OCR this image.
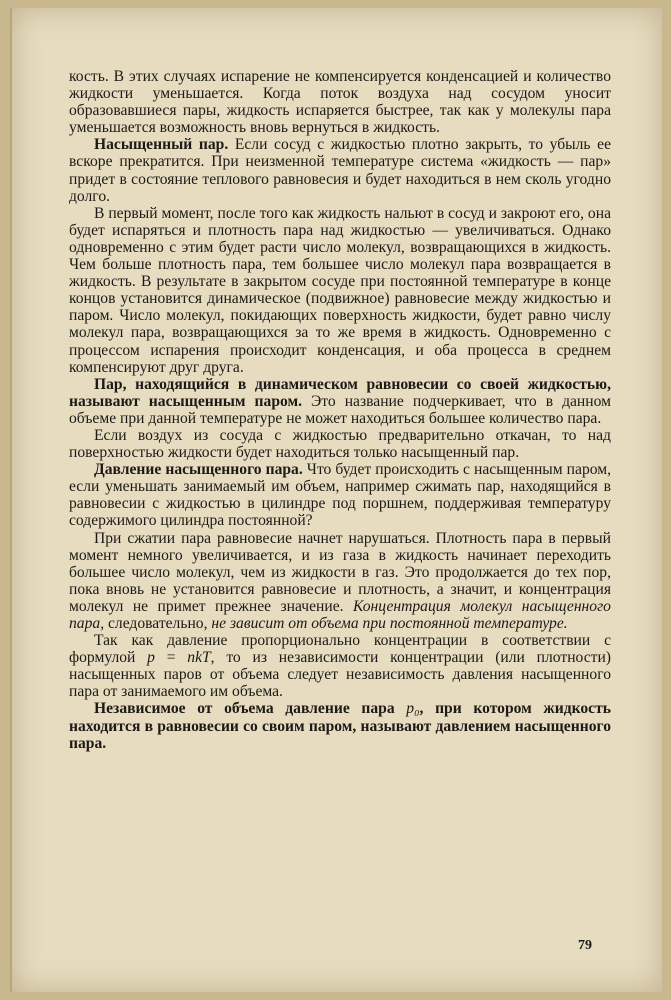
кость. В этих случаях испарение не компенсируется конденсацией и количество жидкости уменьшается. Когда поток воздуха над сосудом уносит образовавшиеся пары, жидкость испаряется быстрее, так как у молекулы пара уменьшается возможность вновь вернуться в жидкость.

Насыщенный пар. Если сосуд с жидкостью плотно закрыть, то убыль ее вскоре прекратится. При неизменной температуре система «жидкость — пар» придет в состояние теплового равновесия и будет находиться в нем сколь угодно долго.

В первый момент, после того как жидкость нальют в сосуд и закроют его, она будет испаряться и плотность пара над жидкостью — увеличиваться. Однако одновременно с этим будет расти число молекул, возвращающихся в жидкость. Чем больше плотность пара, тем большее число молекул пара возвращается в жидкость. В результате в закрытом сосуде при постоянной температуре в конце концов установится динамическое (подвижное) равновесие между жидкостью и паром. Число молекул, покидающих поверхность жидкости, будет равно числу молекул пара, возвращающихся за то же время в жидкость. Одновременно с процессом испарения происходит конденсация, и оба процесса в среднем компенсируют друг друга.

Пар, находящийся в динамическом равновесии со своей жидкостью, называют насыщенным паром. Это название подчеркивает, что в данном объеме при данной температуре не может находиться большее количество пара.

Если воздух из сосуда с жидкостью предварительно откачан, то над поверхностью жидкости будет находиться только насыщенный пар.

Давление насыщенного пара. Что будет происходить с насыщенным паром, если уменьшать занимаемый им объем, например сжимать пар, находящийся в равновесии с жидкостью в цилиндре под поршнем, поддерживая температуру содержимого цилиндра постоянной?

При сжатии пара равновесие начнет нарушаться. Плотность пара в первый момент немного увеличивается, и из газа в жидкость начинает переходить большее число молекул, чем из жидкости в газ. Это продолжается до тех пор, пока вновь не установится равновесие и плотность, а значит, и концентрация молекул не примет прежнее значение. Концентрация молекул насыщенного пара, следовательно, не зависит от объема при постоянной температуре.

Так как давление пропорционально концентрации в соответствии с формулой p = nkT, то из независимости концентрации (или плотности) насыщенных паров от объема следует независимость давления насыщенного пара от занимаемого им объема.

Независимое от объема давление пара p₀, при котором жидкость находится в равновесии со своим паром, называют давлением насыщенного пара.

79
